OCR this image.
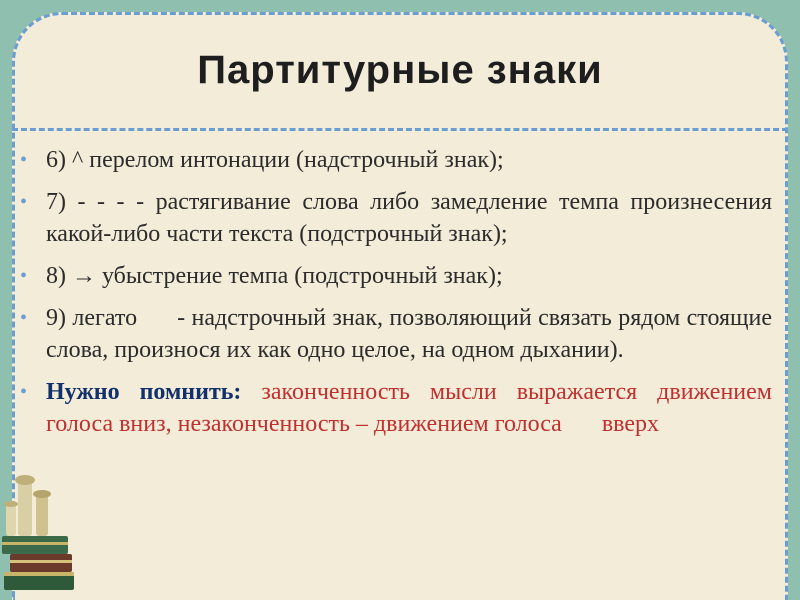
Партитурные знаки
• 6) ^ перелом интонации (надстрочный знак);
• 7) - - - - растягивание слова либо замедление темпа произнесения какой-либо части текста (подстрочный знак);
• 8) → убыстрение темпа (подстрочный знак);
• 9) легато - надстрочный знак, позволяющий связать рядом стоящие слова, произнося их как одно целое, на одном дыхании).
• Нужно помнить: законченность мысли выражается движением голоса вниз, незаконченность – движением голоса вверх
